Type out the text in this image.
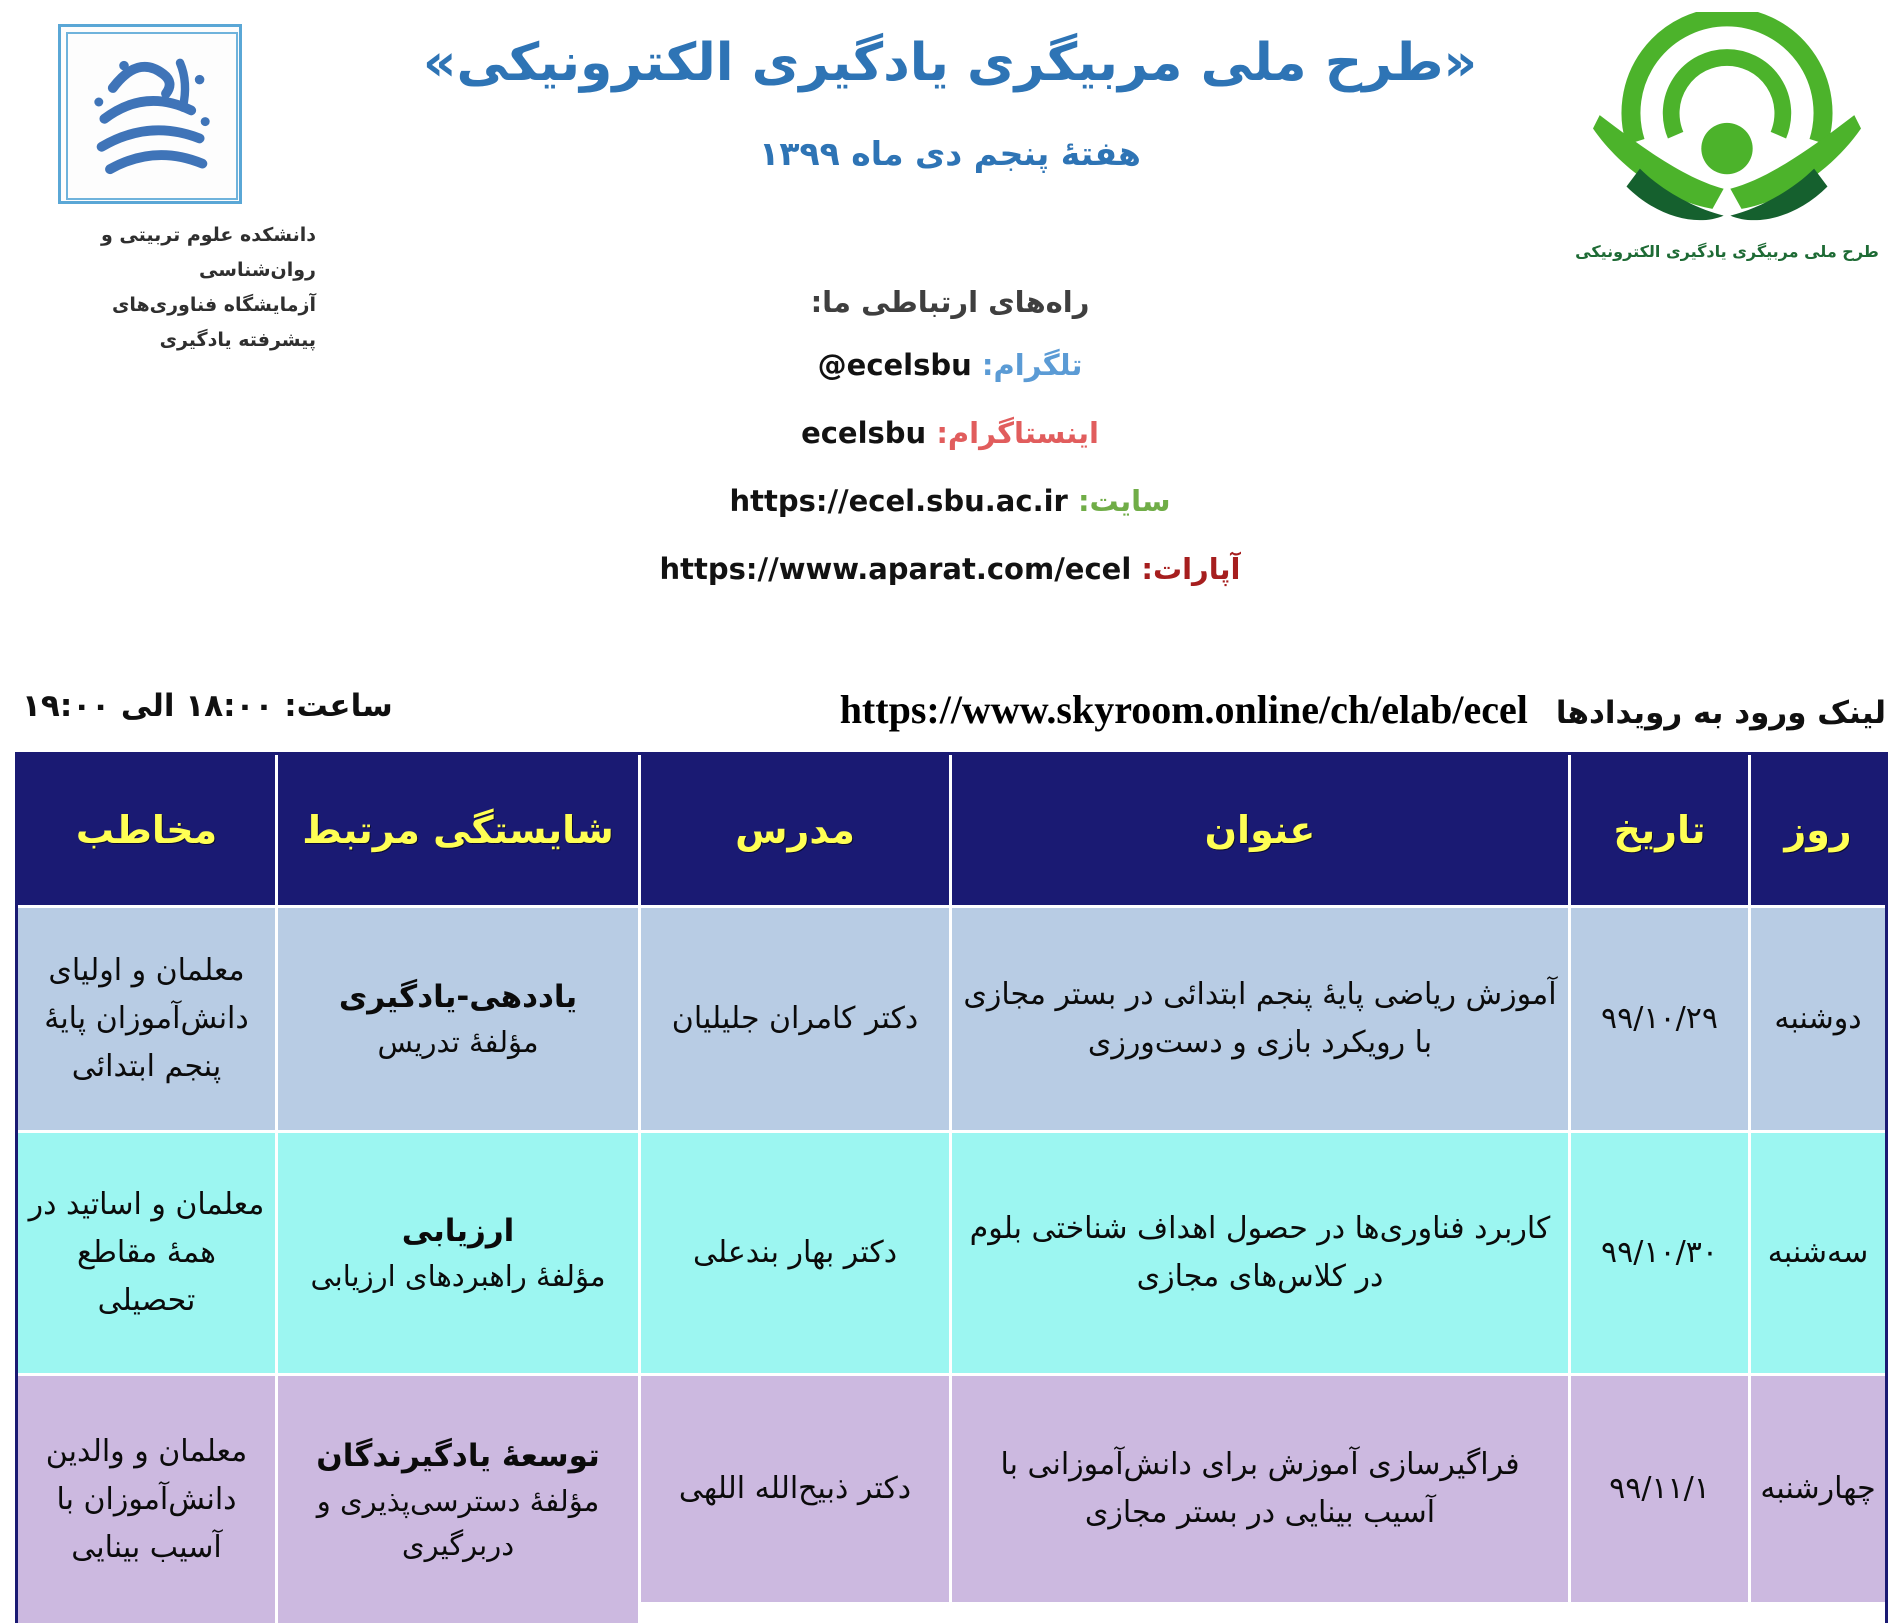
دانشکده علوم تربیتی و روان‌شناسی
آزمایشگاه فناوری‌های پیشرفته یادگیری
«طرح ملی مربیگری یادگیری الکترونیکی»
هفتهٔ پنجم دی ماه ۱۳۹۹
راه‌های ارتباطی ما:
تلگرام: @ecelsbu
اینستاگرام: ecelsbu
سایت: https://ecel.sbu.ac.ir
آپارات: https://www.aparat.com/ecel
طرح ملی مربیگری یادگیری الکترونیکی
ساعت: ۱۸:۰۰ الی ۱۹:۰۰	لینک ورود به رویدادها
https://www.skyroom.online/ch/elab/ecel
روز
تاریخ
عنوان
مدرس
شایستگی مرتبط
مخاطب
دوشنبه
۹۹/۱۰/۲۹
آموزش ریاضی پایهٔ پنجم ابتدائی در بستر مجازی با رویکرد بازی و دست‌ورزی
دکتر کامران جلیلیان
یاددهی-یادگیری
مؤلفهٔ تدریس
معلمان و اولیای دانش‌آموزان پایهٔ پنجم ابتدائی
سه‌شنبه
۹۹/۱۰/۳۰
کاربرد فناوری‌ها در حصول اهداف شناختی بلوم در کلاس‌های مجازی
دکتر بهار بندعلی
ارزیابی
مؤلفهٔ راهبردهای ارزیابی
معلمان و اساتید در همهٔ مقاطع تحصیلی
چهارشنبه
۹۹/۱۱/۱
فراگیرسازی آموزش برای دانش‌آموزانی با آسیب بینایی در بستر مجازی
دکتر ذبیح‌الله اللهی
توسعهٔ یادگیرندگان
مؤلفهٔ دسترسی‌پذیری و دربرگیری
معلمان و والدین دانش‌آموزان با آسیب بینایی
